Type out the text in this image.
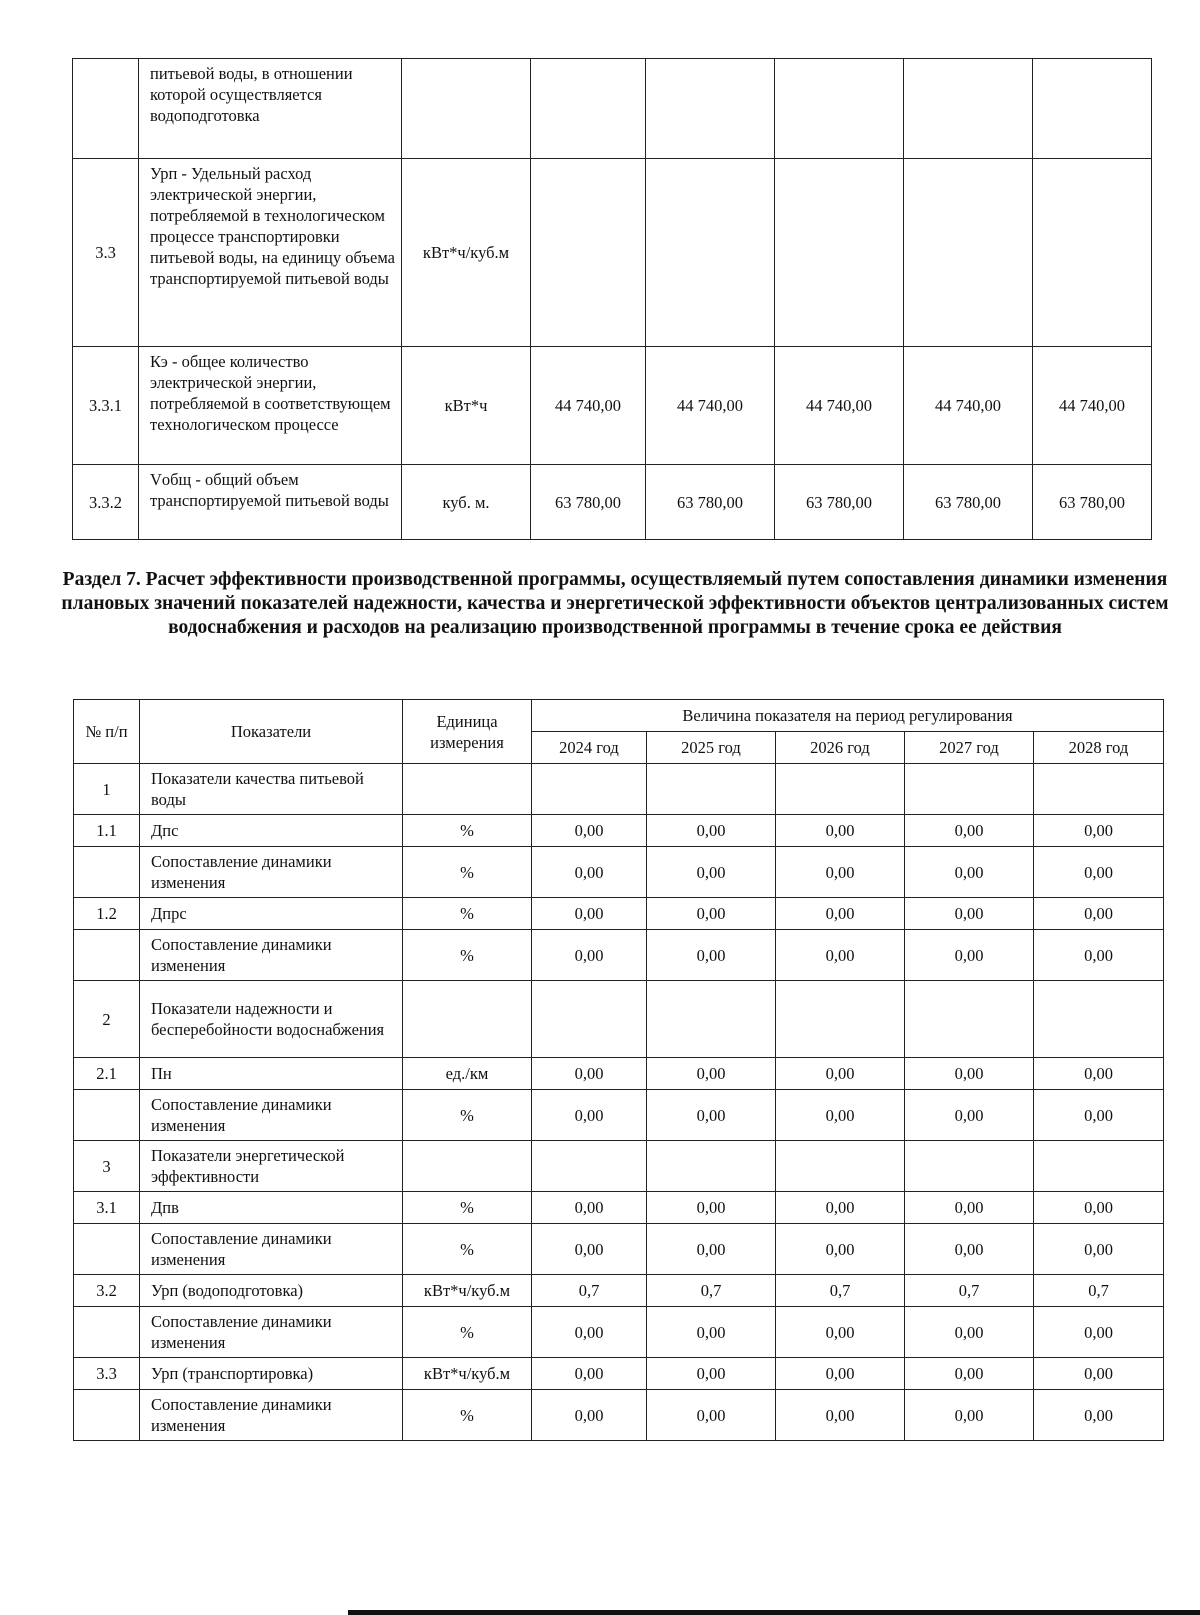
	питьевой воды, в отношении которой осуществляется водоподготовка						
3.3	Урп - Удельный расход электрической энергии, потребляемой в технологическом процессе транспортировки питьевой воды, на единицу объема транспортируемой питьевой воды	кВт*ч/куб.м					
3.3.1	Кэ - общее количество электрической энергии, потребляемой в соответствующем технологическом процессе	кВт*ч	44 740,00	44 740,00	44 740,00	44 740,00	44 740,00
3.3.2	Vобщ - общий объем транспортируемой питьевой воды	куб. м.	63 780,00	63 780,00	63 780,00	63 780,00	63 780,00

Раздел 7. Расчет эффективности производственной программы, осуществляемый путем сопоставления динамики изменения плановых значений показателей надежности, качества и энергетической эффективности объектов централизованных систем водоснабжения и расходов на реализацию производственной программы в течение срока ее действия

№ п/п	Показатели	Единица измерения	Величина показателя на период регулирования				
			2024 год	2025 год	2026 год	2027 год	2028 год
1	Показатели качества питьевой воды						
1.1	Дпс	%	0,00	0,00	0,00	0,00	0,00
	Сопоставление динамики изменения	%	0,00	0,00	0,00	0,00	0,00
1.2	Дпрс	%	0,00	0,00	0,00	0,00	0,00
	Сопоставление динамики изменения	%	0,00	0,00	0,00	0,00	0,00
2	Показатели надежности и бесперебойности водоснабжения						
2.1	Пн	ед./км	0,00	0,00	0,00	0,00	0,00
	Сопоставление динамики изменения	%	0,00	0,00	0,00	0,00	0,00
3	Показатели энергетической эффективности						
3.1	Дпв	%	0,00	0,00	0,00	0,00	0,00
	Сопоставление динамики изменения	%	0,00	0,00	0,00	0,00	0,00
3.2	Урп (водоподготовка)	кВт*ч/куб.м	0,7	0,7	0,7	0,7	0,7
	Сопоставление динамики изменения	%	0,00	0,00	0,00	0,00	0,00
3.3	Урп (транспортировка)	кВт*ч/куб.м	0,00	0,00	0,00	0,00	0,00
	Сопоставление динамики изменения	%	0,00	0,00	0,00	0,00	0,00
